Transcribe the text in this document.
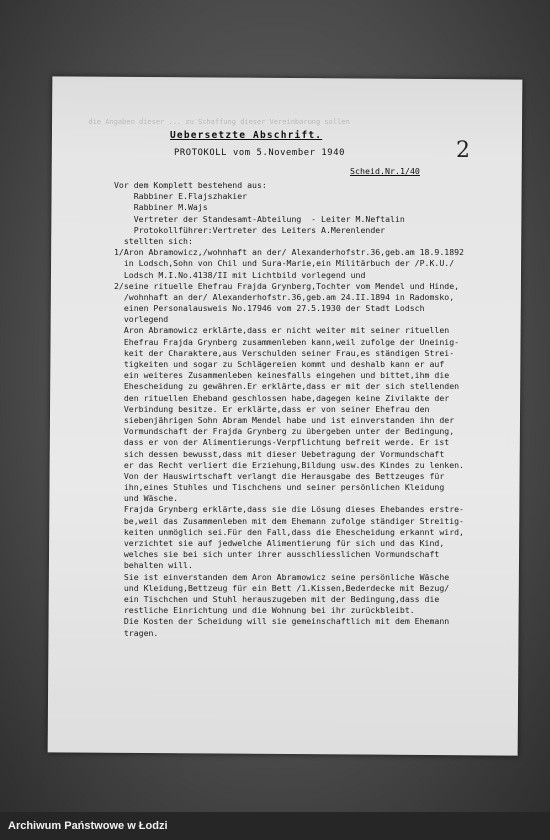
die Angaben dieser ... zu Schaffung dieser Vereinbarung sollen

Uebersetzte Abschrift.
PROTOKOLL vom 5.November 1940
Scheid.Nr.1/40
2
Vor dem Komplett bestehend aus:
Rabbiner E.Flajszhakier
Rabbiner M.Wajs
Vertreter der Standesamt-Abteilung  - Leiter M.Neftalin
Protokollführer:Vertreter des Leiters A.Merenlender
stellten sich:
1/Aron Abramowicz,/wohnhaft an der/ Alexanderhofstr.36,geb.am 18.9.1892
in Lodsch,Sohn von Chil und Sura-Marie,ein Militärbuch der /P.K.U./
Lodsch M.I.No.4138/II mit Lichtbild vorlegend und
2/seine rituelle Ehefrau Frajda Grynberg,Tochter vom Mendel und Hinde,
/wohnhaft an der/ Alexanderhofstr.36,geb.am 24.II.1894 in Radomsko,
einen Personalausweis No.17946 vom 27.5.1930 der Stadt Lodsch
vorlegend
Aron Abramowicz erklärte,dass er nicht weiter mit seiner rituellen
Ehefrau Frajda Grynberg zusammenleben kann,weil zufolge der Uneinig-
keit der Charaktere,aus Verschulden seiner Frau,es ständigen Strei-
tigkeiten und sogar zu Schlägereien kommt und deshalb kann er auf
ein weiteres Zusammenleben keinesfalls eingehen und bittet,ihm die
Ehescheidung zu gewähren.Er erklärte,dass er mit der sich stellenden
den rituellen Eheband geschlossen habe,dagegen keine Zivilakte der
Verbindung besitze. Er erklärte,dass er von seiner Ehefrau den
siebenjährigen Sohn Abram Mendel habe und ist einverstanden ihn der
Vormundschaft der Frajda Grynberg zu übergeben unter der Bedingung,
dass er von der Alimentierungs-Verpflichtung befreit werde. Er ist
sich dessen bewusst,dass mit dieser Uebetragung der Vormundschaft
er das Recht verliert die Erziehung,Bildung usw.des Kindes zu lenken.
Von der Hauswirtschaft verlangt die Herausgabe des Bettzeuges für
ihn,eines Stuhles und Tischchens und seiner persönlichen Kleidung
und Wäsche.
Frajda Grynberg erklärte,dass sie die Lösung dieses Ehebandes erstre-
be,weil das Zusammenleben mit dem Ehemann zufolge ständiger Streitig-
keiten unmöglich sei.Für den Fall,dass die Ehescheidung erkannt wird,
verzichtet sie auf jedwelche Alimentierung für sich und das Kind,
welches sie bei sich unter ihrer ausschliesslichen Vormundschaft
behalten will.
Sie ist einverstanden dem Aron Abramowicz seine persönliche Wäsche
und Kleidung,Bettzeug für ein Bett /1.Kissen,Bederdecke mit Bezug/
ein Tischchen und Stuhl herauszugeben mit der Bedingung,dass die
restliche Einrichtung und die Wohnung bei ihr zurückbleibt.
Die Kosten der Scheidung will sie gemeinschaftlich mit dem Ehemann
tragen.
Archiwum Państwowe w Łodzi
